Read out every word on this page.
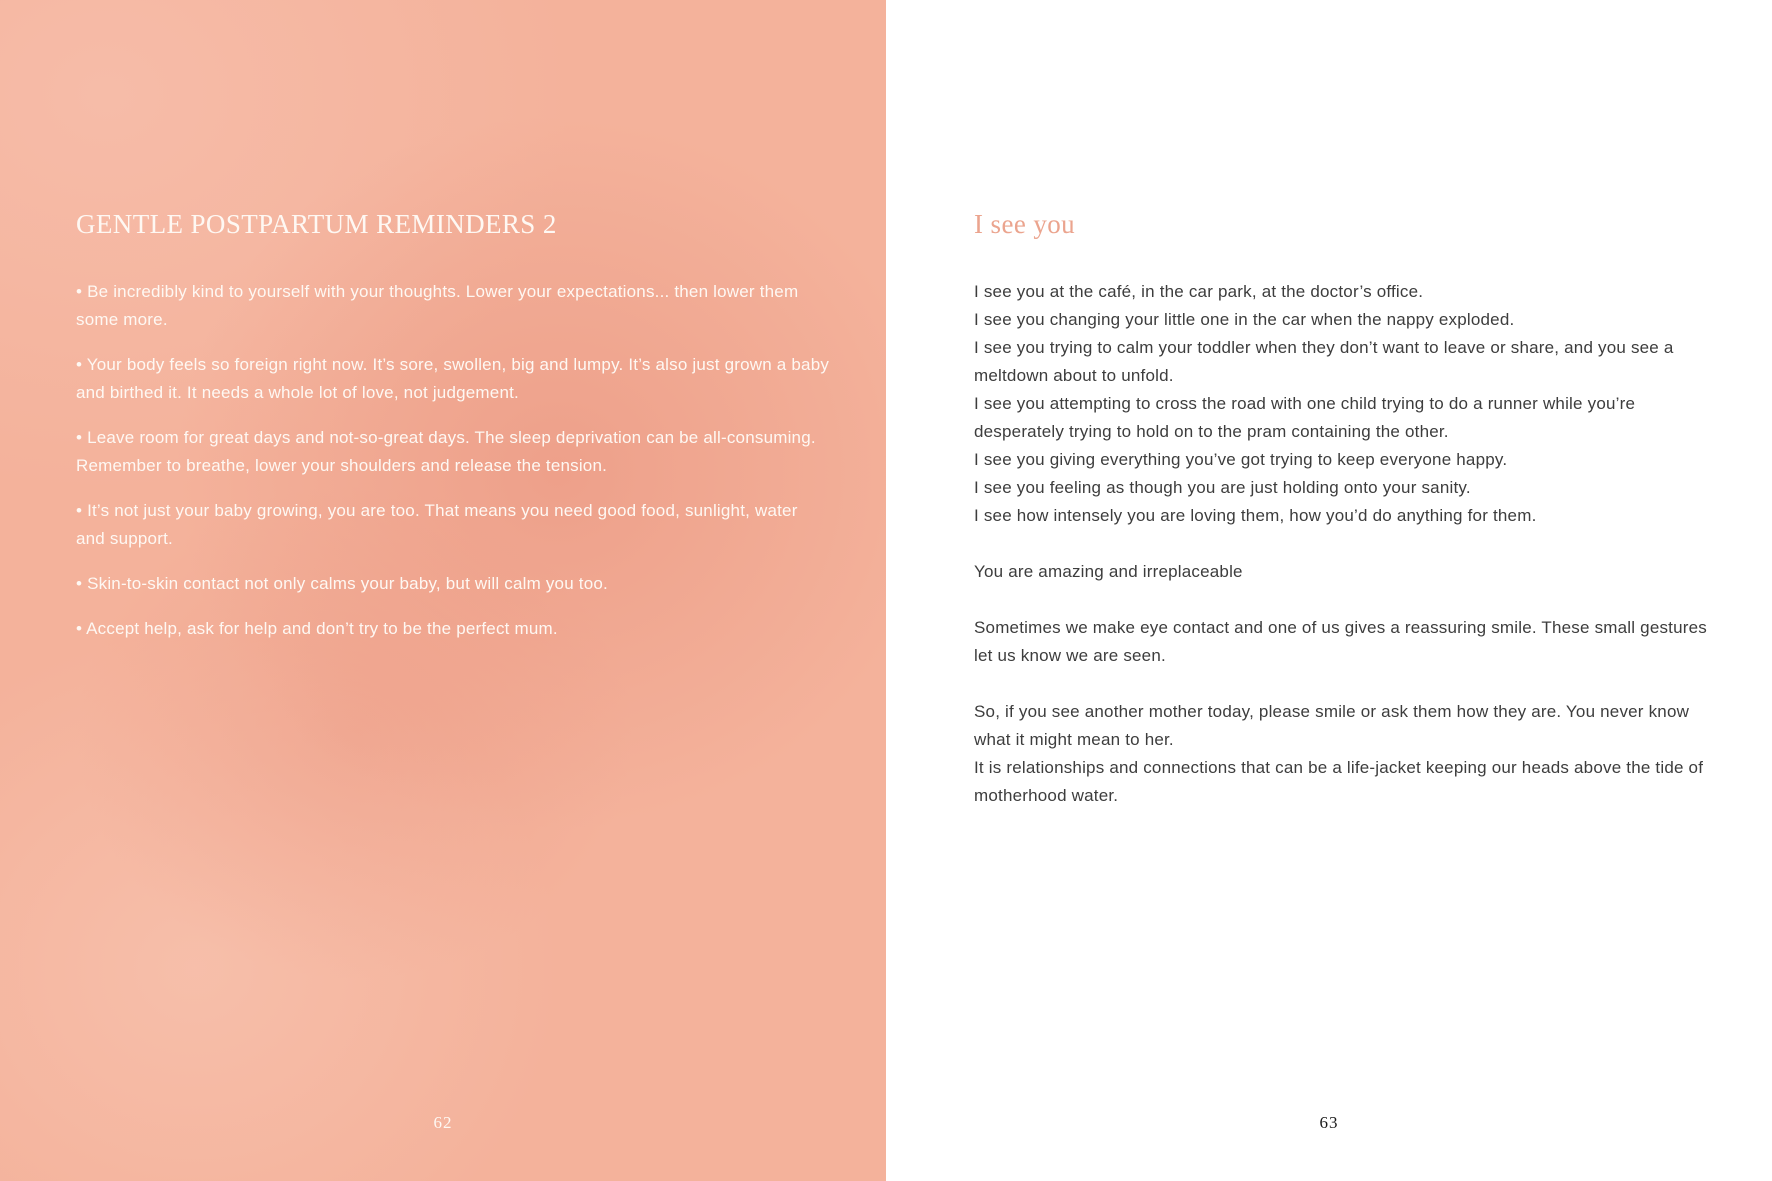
GENTLE POSTPARTUM REMINDERS 2

• Be incredibly kind to yourself with your thoughts. Lower your expectations... then lower them some more.

• Your body feels so foreign right now. It’s sore, swollen, big and lumpy. It’s also just grown a baby and birthed it. It needs a whole lot of love, not judgement.

• Leave room for great days and not-so-great days. The sleep deprivation can be all-consuming. Remember to breathe, lower your shoulders and release the tension.

• It’s not just your baby growing, you are too. That means you need good food, sunlight, water and support.

• Skin-to-skin contact not only calms your baby, but will calm you too.

• Accept help, ask for help and don’t try to be the perfect mum.

62
I see you

I see you at the café, in the car park, at the doctor’s office.

I see you changing your little one in the car when the nappy exploded.

I see you trying to calm your toddler when they don’t want to leave or share, and you see a meltdown about to unfold.

I see you attempting to cross the road with one child trying to do a runner while you’re desperately trying to hold on to the pram containing the other.

I see you giving everything you’ve got trying to keep everyone happy.

I see you feeling as though you are just holding onto your sanity.

I see how intensely you are loving them, how you’d do anything for them.

You are amazing and irreplaceable

Sometimes we make eye contact and one of us gives a reassuring smile. These small gestures let us know we are seen.

So, if you see another mother today, please smile or ask them how they are. You never know what it might mean to her.

It is relationships and connections that can be a life-jacket keeping our heads above the tide of motherhood water.

63
